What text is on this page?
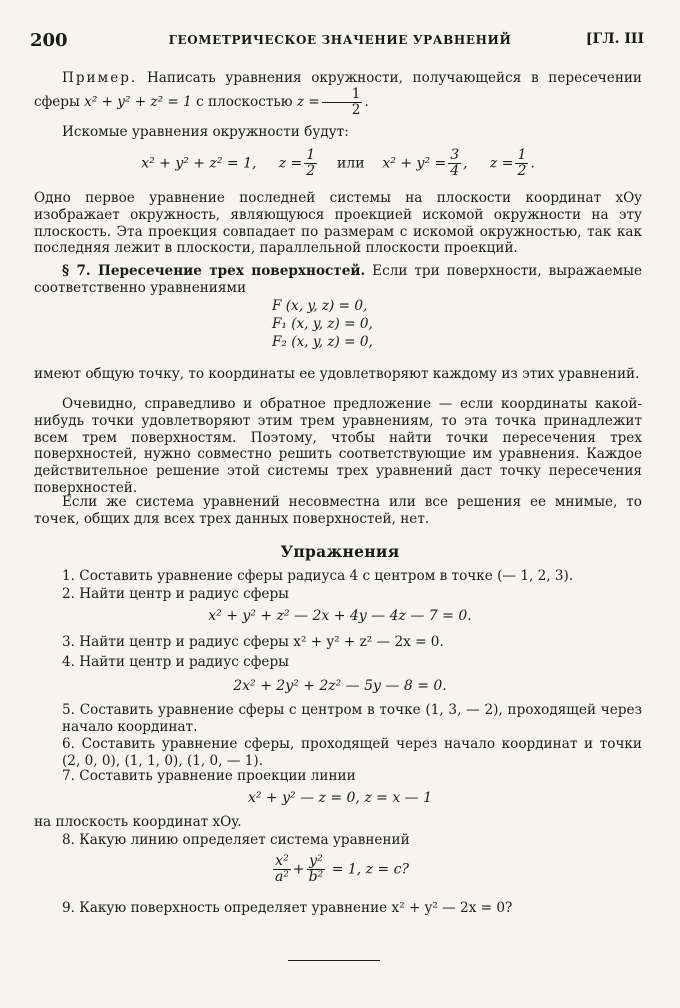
200	ГЕОМЕТРИЧЕСКОЕ ЗНАЧЕНИЕ УРАВНЕНИЙ	[ГЛ. III
Пример. Написать уравнения окружности, получающейся в пересечении сферы x² + y² + z² = 1 с плоскостью $z = \frac{1}{2}$ .
Искомые уравнения окружности будут:
x² + y² + z² = 1, $z = \frac{1}{2}$ или $x^2 + y^2 = \frac{3}{4}$ ,     $z = \frac{1}{2}$ .
Одно первое уравнение последней системы на плоскости координат xOy изображает окружность, являющуюся проекцией искомой окружности на эту плоскость. Эта проекция совпадает по размерам с искомой окружностью, так как последняя лежит в плоскости, параллельной плоскости проекций.
§ 7. Пересечение трех поверхностей. Если три поверхности, выражаемые соответственно уравнениями
F (x, y, z) = 0,
F₁ (x, y, z) = 0,
F₂ (x, y, z) = 0,
имеют общую точку, то координаты ее удовлетворяют каждому из этих уравнений.
Очевидно, справедливо и обратное предложение — если координаты какой-нибудь точки удовлетворяют этим трем уравнениям, то эта точка принадлежит всем трем поверхностям. Поэтому, чтобы найти точки пересечения трех поверхностей, нужно совместно решить соответствующие им уравнения. Каждое действительное решение этой системы трех уравнений даст точку пересечения поверхностей.
Если же система уравнений несовместна или все решения ее мнимые, то точек, общих для всех трех данных поверхностей, нет.
Упражнения
1. Составить уравнение сферы радиуса 4 с центром в точке (— 1, 2, 3).
2. Найти центр и радиус сферы
x² + y² + z² — 2x + 4y — 4z — 7 = 0.
3. Найти центр и радиус сферы x² + y² + z² — 2x = 0.
4. Найти центр и радиус сферы
2x² + 2y² + 2z² — 5y — 8 = 0.
5. Составить уравнение сферы с центром в точке (1, 3, — 2), проходящей через начало координат.
6. Составить уравнение сферы, проходящей через начало координат и точки (2, 0, 0), (1, 1, 0), (1, 0, — 1).
7. Составить уравнение проекции линии
x² + y² — z = 0, z = x — 1
на плоскость координат xOy.
8. Какую линию определяет система уравнений
$\frac{\text{x²}}{\text{a²}} + \frac{\text{y²}}{\text{b²}} = 1$, z = c?
9. Какую поверхность определяет уравнение x² + y² — 2x = 0?
